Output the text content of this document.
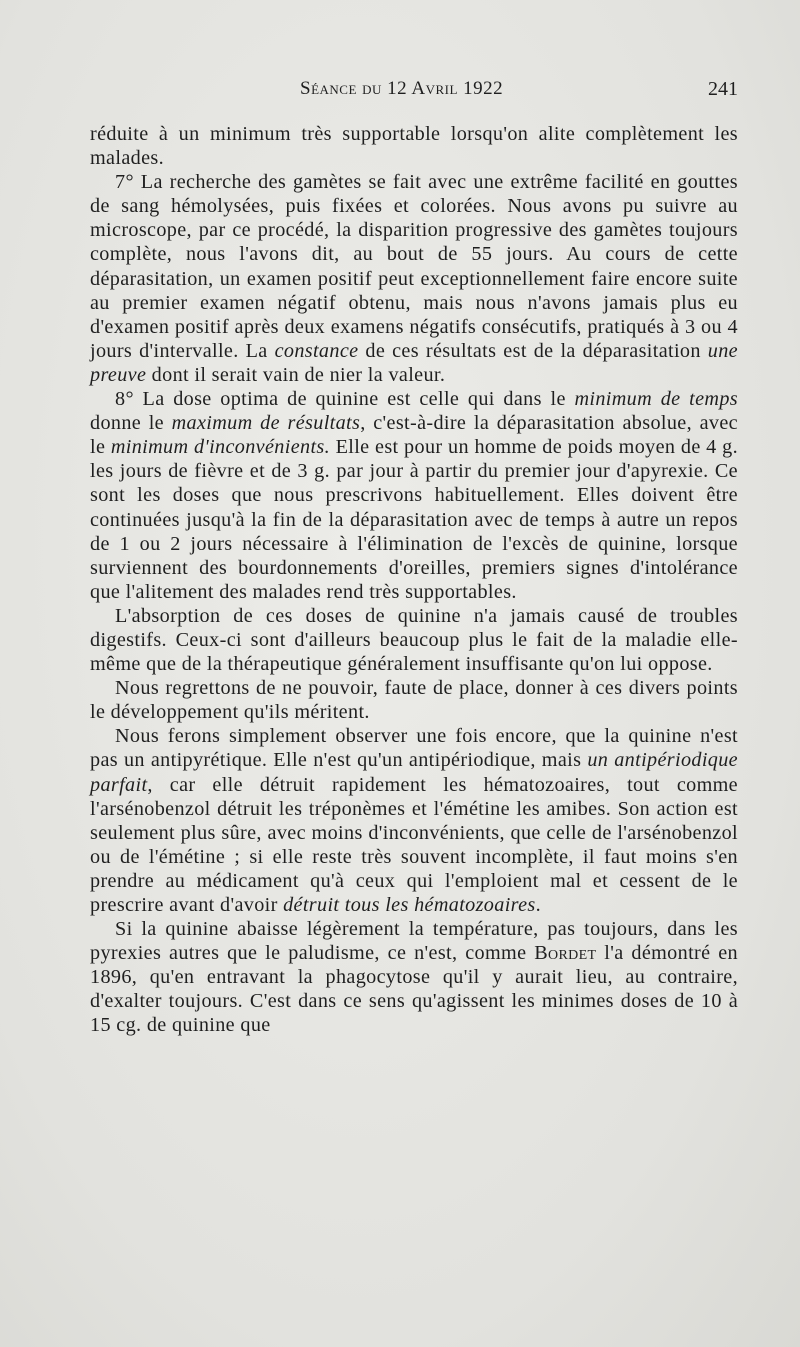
Séance du 12 Avril 1922	241

réduite à un minimum très supportable lorsqu'on alite complètement les malades.

7° La recherche des gamètes se fait avec une extrême facilité en gouttes de sang hémolysées, puis fixées et colorées. Nous avons pu suivre au microscope, par ce procédé, la disparition progressive des gamètes toujours complète, nous l'avons dit, au bout de 55 jours. Au cours de cette déparasitation, un examen positif peut exceptionnellement faire encore suite au premier examen négatif obtenu, mais nous n'avons jamais plus eu d'examen positif après deux examens négatifs consécutifs, pratiqués à 3 ou 4 jours d'intervalle. La constance de ces résultats est de la déparasitation une preuve dont il serait vain de nier la valeur.

8° La dose optima de quinine est celle qui dans le minimum de temps donne le maximum de résultats, c'est-à-dire la déparasitation absolue, avec le minimum d'inconvénients. Elle est pour un homme de poids moyen de 4 g. les jours de fièvre et de 3 g. par jour à partir du premier jour d'apyrexie. Ce sont les doses que nous prescrivons habituellement. Elles doivent être continuées jusqu'à la fin de la déparasitation avec de temps à autre un repos de 1 ou 2 jours nécessaire à l'élimination de l'excès de quinine, lorsque surviennent des bourdonnements d'oreilles, premiers signes d'intolérance que l'alitement des malades rend très supportables.

L'absorption de ces doses de quinine n'a jamais causé de troubles digestifs. Ceux-ci sont d'ailleurs beaucoup plus le fait de la maladie elle-même que de la thérapeutique généralement insuffisante qu'on lui oppose.

Nous regrettons de ne pouvoir, faute de place, donner à ces divers points le développement qu'ils méritent.

Nous ferons simplement observer une fois encore, que la quinine n'est pas un antipyrétique. Elle n'est qu'un antipériodique, mais un antipériodique parfait, car elle détruit rapidement les hématozoaires, tout comme l'arsénobenzol détruit les tréponèmes et l'émétine les amibes. Son action est seulement plus sûre, avec moins d'inconvénients, que celle de l'arsénobenzol ou de l'émétine ; si elle reste très souvent incomplète, il faut moins s'en prendre au médicament qu'à ceux qui l'emploient mal et cessent de le prescrire avant d'avoir détruit tous les hématozoaires.

Si la quinine abaisse légèrement la température, pas toujours, dans les pyrexies autres que le paludisme, ce n'est, comme Bordet l'a démontré en 1896, qu'en entravant la phagocytose qu'il y aurait lieu, au contraire, d'exalter toujours. C'est dans ce sens qu'agissent les minimes doses de 10 à 15 cg. de quinine que
